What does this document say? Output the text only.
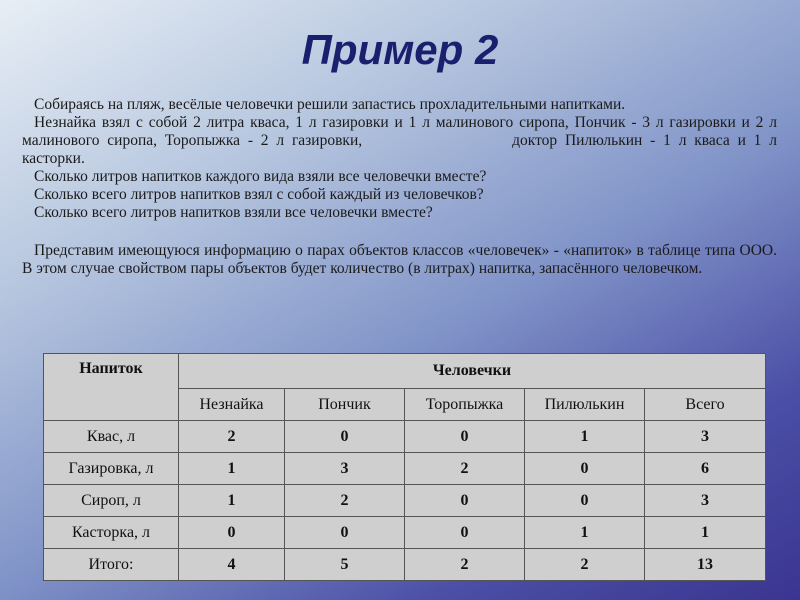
Пример 2

Собираясь на пляж, весёлые человечки решили запастись прохладительными напитками.

Незнайка взял с собой 2 литра кваса, 1 л газировки и 1 л малинового сиропа, Пончик - 3 л газировки и 2 л малинового сиропа, Торопыжка - 2 л газировки,	доктор Пилюлькин - 1 л кваса и 1 л касторки.

Сколько литров напитков каждого вида взяли все человечки вместе?

Сколько всего литров напитков взял с собой каждый из человечков?

Сколько всего литров напитков взяли все человечки вместе?

Представим имеющуюся информацию о парах объектов классов «человечек» - «напиток» в таблице типа ООО. В этом случае свойством пары объектов будет количество (в литрах) напитка, запасённого человечком.

Напиток	Человечки				
	Незнайка	Пончик	Торопыжка	Пилюлькин	Всего
Квас, л	2	0	0	1	3
Газировка, л	1	3	2	0	6
Сироп, л	1	2	0	0	3
Касторка, л	0	0	0	1	1
Итого:	4	5	2	2	13
